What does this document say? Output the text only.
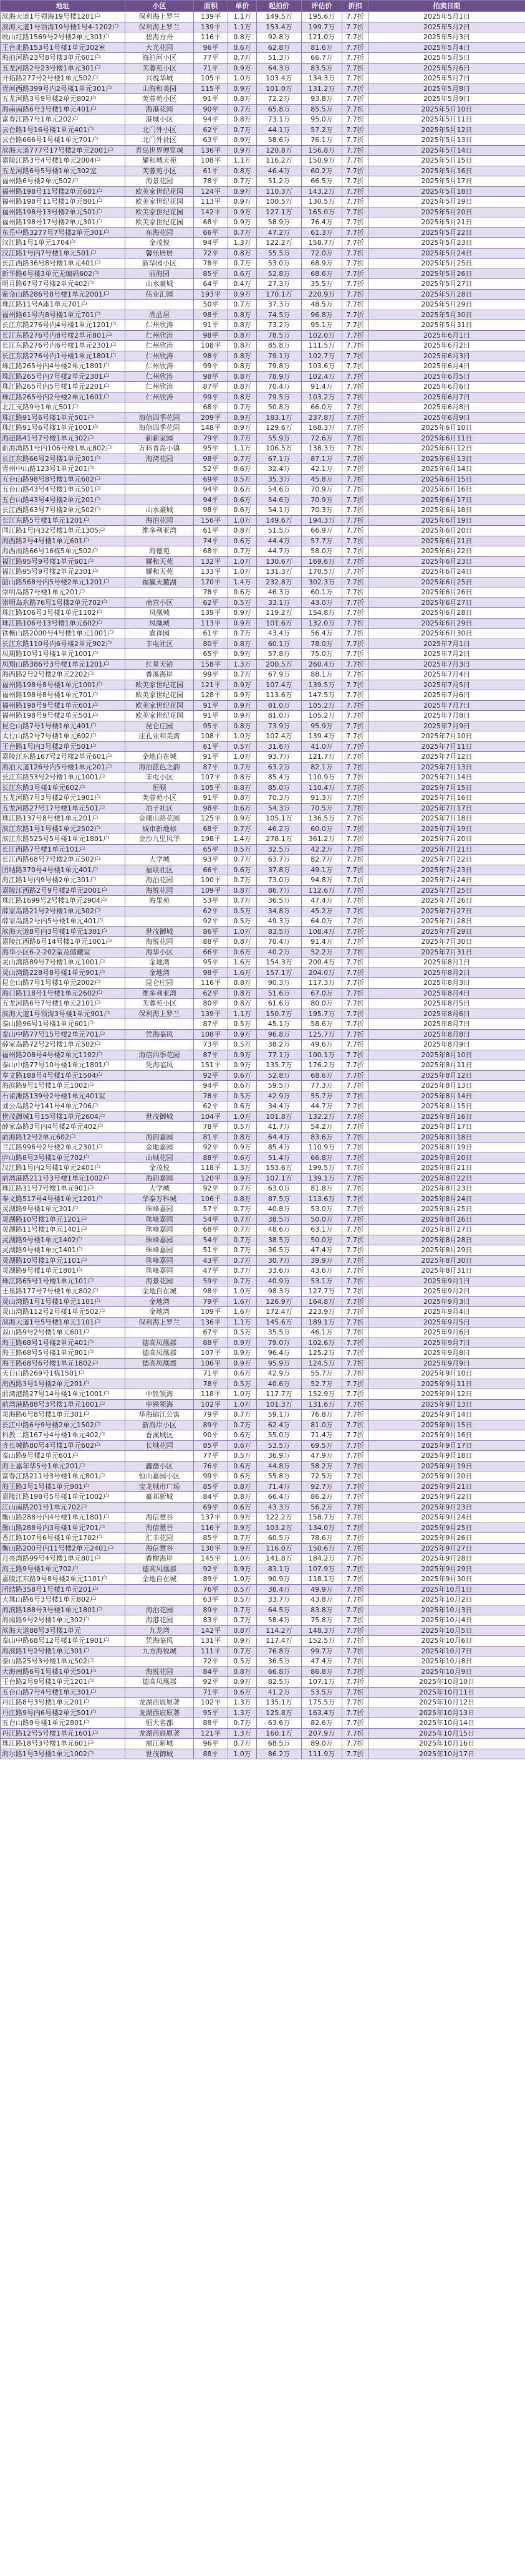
地址	小区	面积	单价	起拍价	评估价	折扣	拍卖日期
滨海大道1号领海19号楼1201户	保利海上罗兰	139平	1.1万	149.5万	195.6万	7.7折	2025年5月1日
滨海大道1号领海19号楼1号4-1202户	保利海上罗兰	139平	1.1万	153.4万	199.7万	7.7折	2025年5月2日
映山红路1569号2号楼2单元301户	碧海方舟	116平	0.8万	92.8万	121.0万	7.7折	2025年5月3日
王台北路153号1号楼1单元302室	大光花园	96平	0.6万	62.8万	81.6万	7.7折	2025年5月4日
海泊河路23号8号楼3单元601户	海泊河小区	77平	0.7万	51.3万	66.7万	7.7折	2025年5月5日
五龙河路2号23号楼1单元301户	芙蓉苑小区	71平	0.9万	64.3万	83.5万	7.7折	2025年5月6日
开拓路277号2号楼1单元502户	兴悦华城	105平	1.0万	103.4万	134.3万	7.7折	2025年5月7日
青河西路399号内2号楼1单元301户	山海和美园	115平	0.9万	101.0万	131.2万	7.7折	2025年5月8日
五龙河路3号9号楼2单元802户	芙蓉苑小区	91平	0.8万	72.2万	93.8万	7.7折	2025年5月9日
海南南路6号3号楼1单元401户	海港花园	90平	0.7万	65.8万	85.5万	7.7折	2025年5月10日
富春江路7号1单元202户	港城小区	94平	0.8万	73.1万	95.0万	7.7折	2025年5月11日
云台路1号16号楼1单元401户	北门外小区	62平	0.7万	44.1万	57.2万	7.7折	2025年5月12日
云台路666号1号楼1单元701户	北门外社区	63平	0.9万	58.6万	76.1万	7.7折	2025年5月13日
滨海大道777号17号楼2单元2001户	青岛世界博览城	136平	0.9万	120.8万	156.8万	7.7折	2025年5月14日
嘉陵江路3号4号楼1单元2004户	耀和城天苑	108平	1.1万	116.2万	150.9万	7.7折	2025年5月15日
五龙河路6号5号楼1单元302室	芙蓉苑小区	61平	0.8万	46.4万	60.2万	7.7折	2025年5月16日
福州路6号楼2单元502户	海景花园	78平	0.7万	51.2万	66.5万	7.7折	2025年5月17日
福州路198号11号楼2单元601户	欧美家世纪花园	124平	0.9万	110.3万	143.2万	7.7折	2025年5月18日
福州路198号11号楼1单元801户	欧美家世纪花园	113平	0.9万	100.5万	130.5万	7.7折	2025年5月19日
福州路198号13号楼2单元501户	欧美家世纪花园	142平	0.9万	127.1万	165.0万	7.7折	2025年5月20日
福州路198号17号楼2单元301户	欧美家世纪花园	68平	0.9万	58.9万	76.4万	7.7折	2025年5月21日
东岳中路3277号7号楼2单元301户	东海花园	66平	0.7万	47.2万	61.3万	7.7折	2025年5月22日
汉江路1号1单元1704户	金茂悦	94平	1.3万	122.2万	158.7万	7.7折	2025年5月23日
汉江路1号内7号楼1单元501户	馨乐居居	72平	0.8万	55.5万	72.0万	7.7折	2025年5月24日
长江西路36号8号楼1单元401户	新华园小区	78平	0.7万	53.0万	68.9万	7.7折	2025年5月25日
新华路6号楼3单元无编码602户	丽海园	85平	0.6万	52.8万	68.6万	7.7折	2025年5月26日
明月路67号7号楼2单元402户	山水豪城	64平	0.4万	27.3万	35.5万	7.7折	2025年5月27日
紫金山路286号8号楼1单元2001户	伟业汇园	193平	0.9万	170.1万	220.9万	7.7折	2025年5月28日
珠江路11号A座1单元701户		50平	0.7万	37.3万	48.5万	7.7折	2025年5月29日
福州路61号内8号楼1单元701户	尚品居	98平	0.8万	74.5万	96.8万	7.7折	2025年5月30日
长江东路276号内4号楼1单元1201户	仁州欣涛	91平	0.8万	73.2万	95.1万	7.7折	2025年5月31日
长江东路276号内8号楼2单元801户	仁州欣涛	98平	0.8万	78.5万	102.0万	7.7折	2025年6月1日
长江东路276号内6号楼1单元2301户	仁州欣涛	108平	0.8万	85.8万	111.5万	7.7折	2025年6月2日
长江东路276号内1号楼1单元1801户	仁州欣涛	98平	0.8万	79.1万	102.7万	7.7折	2025年6月3日
珠江路265号内4号楼2单元1801户	仁州欣涛	99平	0.8万	79.8万	103.6万	7.7折	2025年6月4日
珠江路265号内7号楼2单元2301户	仁州欣涛	98平	0.8万	78.9万	102.4万	7.7折	2025年6月5日
珠江路265号内5号楼1单元2201户	仁州欣涛	87平	0.8万	70.4万	91.4万	7.7折	2025年6月6日
珠江路265号内2号楼2单元1601户	仁州欣涛	99平	0.8万	79.5万	103.2万	7.7折	2025年6月7日
北江支路9号1单元501户		68平	0.7万	50.8万	66.0万	7.7折	2025年6月8日
珠江路91号6号楼1单元501户	海信四季花园	209平	0.9万	183.1万	237.8万	7.7折	2025年6月9日
珠江路91号6号楼1单元1001户	海信四季花园	148平	0.9万	129.6万	168.3万	7.7折	2025年6月10日
海崖路41号7号楼1单元302户	新新家园	79平	0.7万	55.9万	72.6万	7.7折	2025年6月11日
新海湾路1号内106号楼1单元802户	万科青岛小镇	95平	1.1万	106.5万	138.3万	7.7折	2025年6月12日
长江东路66号2号楼1单元301户	海湾花园	98平	0.7万	67.1万	87.1万	7.7折	2025年6月13日
青州中山路123号1单元201户		52平	0.6万	32.4万	42.1万	7.7折	2025年6月14日
五台山路98号8号楼1单元602户		69平	0.5万	35.3万	45.8万	7.7折	2025年6月15日
五台山路43号4号楼1单元501户		94平	0.6万	54.6万	70.9万	7.7折	2025年6月16日
五台山路43号4号楼2单元201户		94平	0.6万	54.6万	70.9万	7.7折	2025年6月17日
长江西路63号7号楼2单元502户	山水豪城	98平	0.6万	54.1万	70.3万	7.7折	2025年6月18日
长江东路5号楼1单元1201户	海泊花园	156平	1.0万	149.6万	194.3万	7.7折	2025年6月19日
同江路1号内32号楼1单元1305户	维多利亚湾	61平	0.8万	51.5万	66.9万	7.7折	2025年6月20日
海西路2号4号楼1单元601户		74平	0.6万	44.4万	57.7万	7.7折	2025年6月21日
海西南路66号16栋5单元502户	海德苑	68平	0.7万	44.7万	58.0万	7.7折	2025年6月22日
福江路95号9号楼1单元601户	耀和天苑	132平	1.0万	130.6万	169.6万	7.7折	2025年6月23日
福江路95号9号楼2单元2301户	耀和天苑	133平	1.0万	131.3万	170.5万	7.7折	2025年6月24日
韶山路568号内5号楼2单元1201户	福赢天麓湖	170平	1.4万	232.8万	302.3万	7.7折	2025年6月25日
崇明岛路7号楼1单元201户		78平	0.6万	46.3万	60.1万	7.7折	2025年6月26日
崇明岛东路76号1号楼2单元702户	南营小区	62平	0.5万	33.1万	43.0万	7.7折	2025年6月27日
珠江路106号3号楼1单元1102户	凤凰城	139平	0.9万	119.2万	154.8万	7.7折	2025年6月28日
珠江路106号13号楼1单元602户	凤凰城	113平	0.9万	101.6万	132.0万	7.7折	2025年6月29日
铁橛山路2000号4号楼1单元1001户	嘉祥园	61平	0.7万	43.4万	56.4万	7.7折	2025年6月30日
长江东路110号内6号楼2单元902户	丰屯社区	80平	0.8万	60.1万	78.0万	7.7折	2025年7月1日
凤翔路10号1号楼1单元1001户		65平	0.9万	57.8万	75.0万	7.7折	2025年7月2日
凤翔山路386号3号楼1单元1201户	红星天铂	158平	1.3万	200.5万	260.4万	7.7折	2025年7月3日
海西路2号2号楼2单元2202户	香溪海岸	99平	0.7万	67.9万	88.1万	7.7折	2025年7月4日
福州路198号8号楼1单元1001户	欧美家世纪花园	121平	0.9万	107.4万	139.5万	7.7折	2025年7月5日
福州路198号8号楼1单元701户	欧美家世纪花园	128平	0.9万	113.6万	147.5万	7.7折	2025年7月6日
福州路198号9号楼1单元601户	欧美家世纪花园	91平	0.9万	81.0万	105.2万	7.7折	2025年7月7日
福州路198号9号楼2单元501户	欧美家世纪花园	91平	0.9万	81.0万	105.2万	7.7折	2025年7月8日
昆仑山路7号1号楼1单元401户	昆仑庄园	95平	0.8万	73.9万	95.9万	7.7折	2025年7月9日
太行山路2号7号楼1单元602户	庄孔业和美湾	108平	1.0万	107.4万	139.4万	7.7折	2025年7月10日
王台路1号内3号楼2单元501户		61平	0.5万	31.6万	41.0万	7.7折	2025年7月11日
嘉陵江东路167号2号楼2单元601户	金地自在城	91平	1.0万	93.7万	121.7万	7.7折	2025年7月12日
海泊大道126号内5号楼1单元201户	海泊蓝色之韵	87平	0.7万	63.2万	82.1万	7.7折	2025年7月13日
长江东路53号2号楼1单元1001户	丰屯小区	107平	0.8万	85.4万	110.9万	7.7折	2025年7月14日
长江东路3号楼1单元602户	恒顺	105平	0.8万	85.0万	110.4万	7.7折	2025年7月15日
五龙河路7号3号楼2单元1901户	芙蓉苑小区	91平	0.8万	70.3万	91.3万	7.7折	2025年7月16日
五龙河路27号17号楼1单元501户	泊子社区	98平	0.6万	54.3万	70.5万	7.7折	2025年7月17日
珠江路137号8号楼1单元201户	金刚山路花园	125平	0.9万	105.1万	136.5万	7.7折	2025年7月18日
滨江东路1号1号楼1单元2502户	城市新地标	68平	0.7万	46.2万	60.0万	7.7折	2025年7月19日
滨江东路525号5号楼1单元1801户	金沙九里风华	198平	1.4万	278.1万	361.2万	7.7折	2025年7月20日
长江西路7号楼1单元101户		65平	0.5万	32.5万	42.2万	7.7折	2025年7月21日
长江西路68号7号楼2单元502户	大学城	93平	0.7万	63.7万	82.7万	7.7折	2025年7月22日
团结路370号4号楼1单元401户	福联社区	66平	0.6万	37.8万	49.1万	7.7折	2025年7月23日
海江路1号内9号楼2单元301户	海泊花园	100平	0.7万	73.0万	94.8万	7.7折	2025年7月24日
嘉陵江西路2号9号楼2单元2001户	海悦花园	109平	0.8万	86.7万	112.6万	7.7折	2025年7月25日
珠江路1699号2号楼1单元2904户	海果苑	53平	0.7万	36.5万	47.4万	7.7折	2025年7月26日
薛家岛路21号2号楼1单元502户		62平	0.5万	34.8万	45.2万	7.7折	2025年7月27日
薛家岛路2号内5号楼1单元401户		92平	0.5万	49.3万	64.0万	7.7折	2025年7月28日
滨海大道8号内3号楼1单元1301户	世茂御城	86平	1.0万	83.5万	108.4万	7.7折	2025年7月29日
嘉陵江西路6号14号楼1单元1001户	海悦花园	88平	0.8万	70.4万	91.4万	7.7折	2025年7月30日
海华小区6-2-202室及储藏室	海华小区	66平	0.6万	40.2万	52.2万	7.7折	2025年7月31日
灵山湾路89号7号楼1单元1001户	金地湾	95平	1.6万	154.3万	200.4万	7.7折	2025年8月1日
灵山湾路228号8号楼1单元901户	金地湾	98平	1.6万	157.1万	204.0万	7.7折	2025年8月2日
昆仑山路7号1号楼1单元2002户	昆仑庄园	116平	0.8万	90.3万	117.3万	7.7折	2025年8月3日
海口路118号1号楼1单元2602户	维多利亚湾	62平	0.8万	51.6万	67.0万	7.7折	2025年8月4日
五龙河路6号7号楼1单元2101户	芙蓉苑小区	80平	0.8万	61.6万	80.0万	7.7折	2025年8月5日
滨海大道1号领海3号楼1单元901户	保利海上罗兰	139平	1.1万	150.7万	195.7万	7.7折	2025年8月6日
泰山路96号1号楼1单元601户		87平	0.5万	45.1万	58.6万	7.7折	2025年8月7日
泰山中路77号15号楼2单元701户	凭海临风	108平	0.9万	96.8万	125.7万	7.7折	2025年8月8日
薛家岛路72号2号楼1单元502户		73平	0.5万	38.2万	49.6万	7.7折	2025年8月9日
福州路208号4号楼2单元1102户	海信四季花园	87平	0.9万	77.1万	100.1万	7.7折	2025年8月10日
泰山中路77号10号楼1单元1801户	凭海临风	151平	0.9万	135.7万	176.2万	7.7折	2025年8月11日
奉文路188号4号楼1单元1504户		92平	0.6万	52.8万	68.6万	7.7折	2025年8月12日
海滨路9号1号楼1单元1002户		94平	0.6万	59.5万	77.3万	7.7折	2025年8月13日
石雀滩路139号2号楼1单元401室		78平	0.5万	42.9万	55.7万	7.7折	2025年8月14日
刘公岛路2号141号4单元706户		62平	0.6万	34.4万	44.7万	7.7折	2025年8月15日
世茂御城1号15号楼1单元2604户	世茂御城	104平	1.0万	101.8万	132.2万	7.7折	2025年8月16日
薛家岛路3号内4号楼2单元402户		78平	0.5万	41.7万	54.2万	7.7折	2025年8月17日
前海路12号2单元602户	海韵嘉园	81平	0.8万	64.4万	83.6万	7.7折	2025年8月18日
兰江路996号2号楼2单元2301户	金地嘉园	92平	0.9万	85.4万	110.9万	7.7折	2025年8月19日
庐山路8号3号楼1单元702户	山城花园	88平	0.6万	51.4万	66.8万	7.7折	2025年8月20日
汉江路1号内2号楼1单元2401户	金茂悦	118平	1.3万	153.6万	199.5万	7.7折	2025年8月21日
前湾港路211号3号楼1单元1002户	海韵嘉园	120平	0.9万	107.1万	139.1万	7.7折	2025年8月22日
珠江路31号7号楼1单元901户	大学城	92平	0.7万	63.0万	81.8万	7.7折	2025年8月23日
奉文路517号4号楼1单元1201户	华泰万科城	106平	0.8万	87.5万	113.6万	7.7折	2025年8月24日
灵湖路9号楼1单元301户	珠峰嘉园	57平	0.7万	40.8万	53.0万	7.7折	2025年8月25日
灵湖路10号楼1单元1201户	珠峰嘉园	54平	0.7万	38.5万	50.0万	7.7折	2025年8月26日
灵湖路11号楼1单元1401户	珠峰嘉园	68平	0.7万	48.6万	63.1万	7.7折	2025年8月27日
灵湖路9号楼1单元1402户	珠峰嘉园	54平	0.7万	38.5万	50.0万	7.7折	2025年8月28日
灵湖路9号楼1单元1401户	珠峰嘉园	51平	0.7万	36.5万	47.4万	7.7折	2025年8月29日
灵湖路10号楼1单元1101户	珠峰嘉园	43平	0.7万	30.7万	39.9万	7.7折	2025年8月30日
灵湖路9号楼1单元1801户	珠峰嘉园	47平	0.7万	33.6万	43.6万	7.7折	2025年8月31日
珠江路65号1号楼1单元101户	海景花园	59平	0.7万	40.9万	53.1万	7.7折	2025年9月1日
王泉路177号7号楼1单元802户	金地自在城	98平	1.0万	98.3万	127.7万	7.7折	2025年9月2日
灵山湾路1号1号楼1单元1101户	金地湾	79平	1.6万	126.9万	164.8万	7.7折	2025年9月3日
灵山湾路112号2号楼1单元502户	金地湾	109平	1.6万	172.4万	223.9万	7.7折	2025年9月4日
滨海大道1号5号楼1单元1101户	保利海上罗兰	136平	1.1万	145.6万	189.1万	7.7折	2025年9月5日
双山路9号2号楼1单元601户		67平	0.5万	35.5万	46.1万	7.7折	2025年9月6日
海王路68号1号楼2单元401户	德高凤凰郡	88平	0.9万	79.0万	102.6万	7.7折	2025年9月7日
海王路68号5号楼1单元801户	德高凤凰郡	107平	0.9万	96.4万	125.2万	7.7折	2025年9月8日
海王路68号6号楼1单元1802户	德高凤凰郡	106平	0.9万	95.9万	124.5万	7.7折	2025年9月9日
天目山路269号1栋1501户		71平	0.6万	42.9万	55.7万	7.7折	2025年9月10日
海西路3号1号楼2单元201户		78平	0.5万	40.6万	52.7万	7.7折	2025年9月11日
前湾港路27号14号楼1单元1001户	中铁领海	118平	1.0万	117.7万	152.9万	7.7折	2025年9月12日
前湾港路88号3号楼1单元1001户	中铁领海	102平	1.0万	101.3万	131.6万	7.7折	2025年9月13日
灵海路6号8号楼1单元301户	华海锦江公寓	79平	0.7万	59.1万	76.8万	7.7折	2025年9月14日
长江中路6号9号楼2单元1502户	新海岸小区	89平	0.7万	62.4万	81.0万	7.7折	2025年9月15日
科教二路167号4号楼1单元402户	香溪城区	90平	0.6万	55.0万	71.4万	7.7折	2025年9月16日
齐长城路80号4号楼1单元602户	长城花园	85平	0.6万	53.5万	69.5万	7.7折	2025年9月17日
泰山路9号楼2单元601户		77平	0.5万	36.9万	47.9万	7.7折	2025年9月18日
海上嘉年华5号1单元201户	鑫德小区	76平	0.6万	44.8万	58.2万	7.7折	2025年9月19日
富春江路211号3号楼1单元801户	恒山嘉园小区	99平	0.6万	55.8万	72.5万	7.7折	2025年9月20日
海王路3号1号楼1单元901户	宝龙城市广场	85平	0.8万	71.4万	92.7万	7.7折	2025年9月21日
嘉陵江路198号5号楼1单元1002户	豪邦新城	84平	0.8万	66.4万	86.2万	7.7折	2025年9月22日
江山南路201号1单元702户		69平	0.6万	43.3万	56.2万	7.7折	2025年9月23日
衡山路288号内4号楼1单元1801户	海信慧谷	137平	0.9万	122.2万	158.7万	7.7折	2025年9月24日
衡山路288号内3号楼1单元701户	海信慧谷	116平	0.9万	103.2万	134.0万	7.7折	2025年9月25日
香江路107号6号楼1单元1702户	汇丰花园	85平	0.7万	60.5万	78.6万	7.7折	2025年9月26日
衡山路200号内11号楼2单元2401户	海信慧谷	130平	0.9万	116.0万	150.6万	7.7折	2025年9月27日
月亮湾路99号4号楼1单元801户	香榭海岸	145平	1.0万	141.8万	184.2万	7.7折	2025年9月28日
海王路9号楼1单元702户	德高凤凰郡	92平	0.9万	83.1万	107.9万	7.7折	2025年9月29日
嘉陵江东路9号8号楼2单元1101户	金地自在城	89平	1.0万	90.9万	118.1万	7.7折	2025年9月30日
团结路358号1号楼1单元201户		76平	0.5万	38.4万	49.9万	7.7折	2025年10月1日
大珠山路6号3号楼1单元802户		63平	0.5万	33.7万	43.8万	7.7折	2025年10月2日
海滨路188号3号楼1单元1801户	海泊花园	89平	0.7万	64.5万	83.8万	7.7折	2025年10月3日
海南路9号2号楼1单元302户	海港花园	83平	0.7万	58.4万	75.8万	7.7折	2025年10月4日
滨海大道88号3号楼1单元	九龙湾	142平	0.8万	114.2万	148.3万	7.7折	2025年10月5日
泰山中路68号12号楼1单元1901户	凭海临风	131平	0.9万	117.4万	152.5万	7.7折	2025年10月6日
海滨路1号2号楼1单元301户	九方海悦城	111平	0.7万	76.8万	99.7万	7.7折	2025年10月7日
泰山路25号3号楼1单元502户		72平	0.5万	36.5万	47.4万	7.7折	2025年10月8日
大海南路6号1号楼1单元501户	海悦花园	84平	0.8万	66.8万	86.8万	7.7折	2025年10月9日
王台路2号9号楼1单元1201户	德高凤凰郡	92平	0.9万	82.5万	107.1万	7.7折	2025年10月10日
五台山路7号4号楼1单元301户		71平	0.6万	41.2万	53.5万	7.7折	2025年10月11日
丹江路8号3号楼1单元201户	龙湖西宸原著	102平	1.3万	135.1万	175.5万	7.7折	2025年10月12日
丹江路9号内6号楼2单元501户	龙湖西宸原著	95平	1.3万	125.8万	163.4万	7.7折	2025年10月13日
五台山路9号楼1单元2801户	恒大名都	88平	0.7万	63.6万	82.6万	7.7折	2025年10月14日
丹江路12号5号楼1单元1601户	龙湖西宸原著	121平	1.3万	160.1万	207.9万	7.7折	2025年10月15日
珠江路18号3号楼1单元601户	丽江新城	96平	0.7万	68.5万	89.0万	7.7折	2025年10月16日
海尔路1号3号楼1单元1002户	世茂御城	88平	1.0万	86.2万	111.9万	7.7折	2025年10月17日
